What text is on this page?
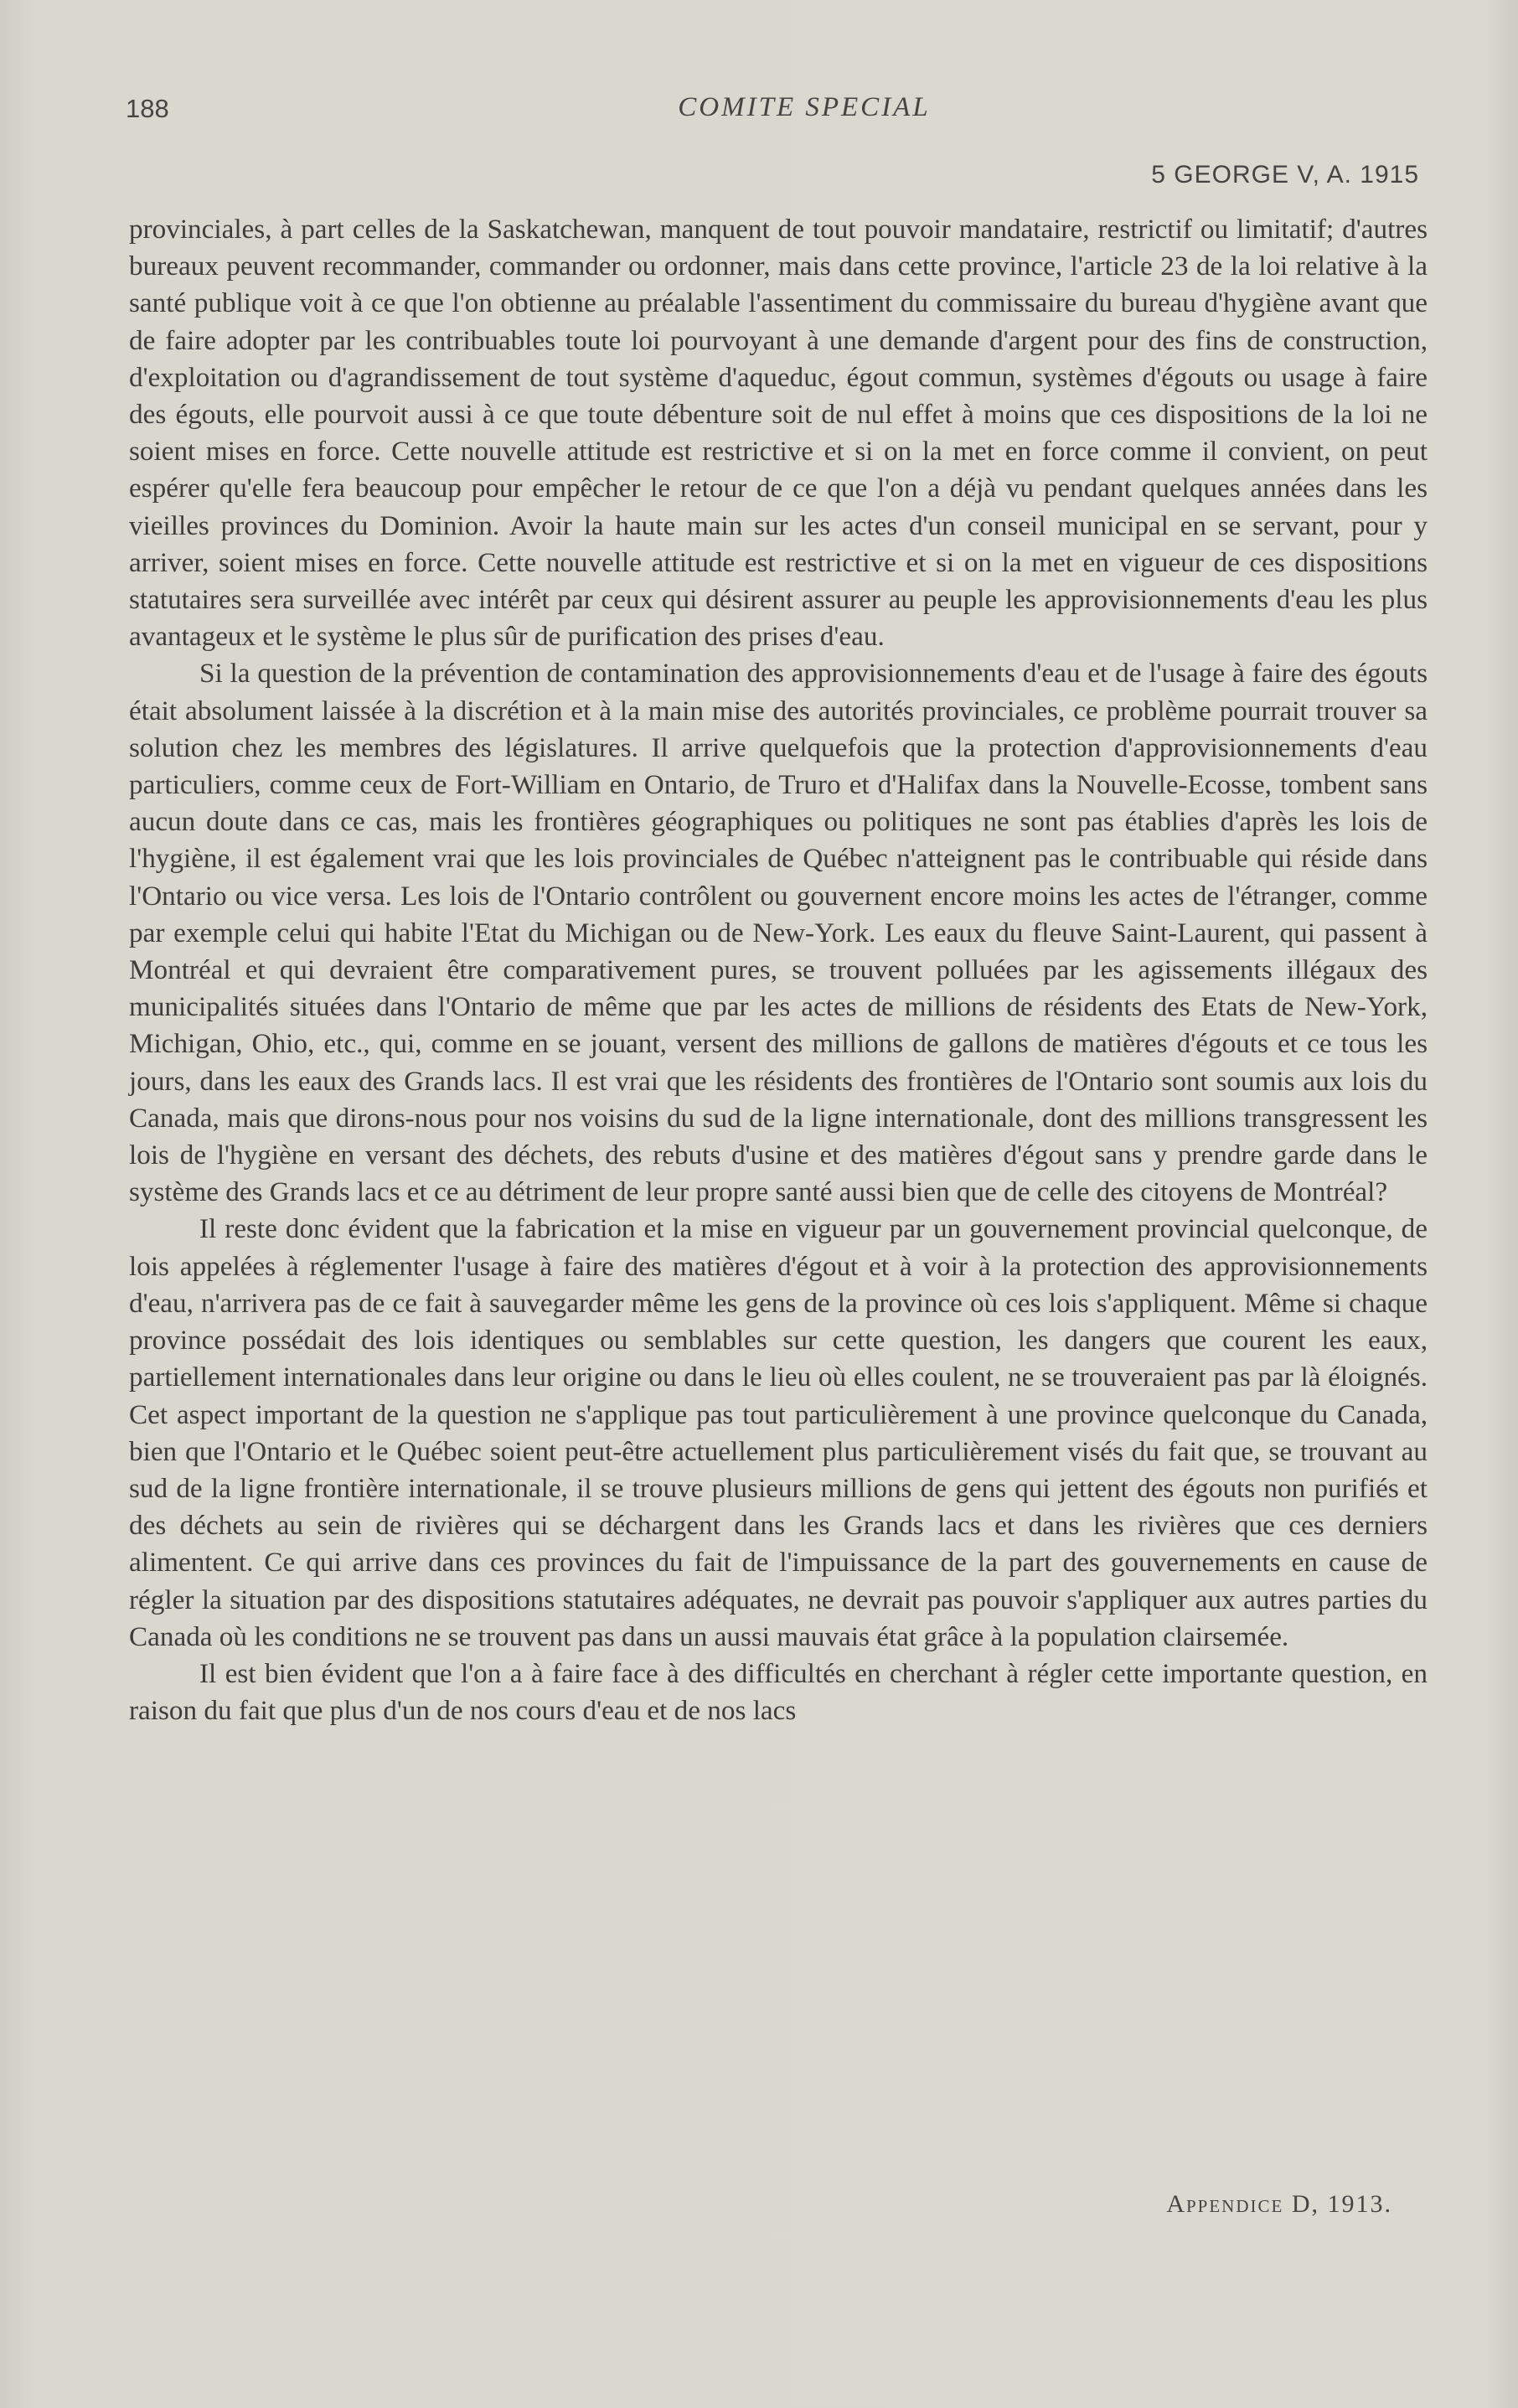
188	COMITE SPECIAL
5 GEORGE V, A. 1915

provinciales, à part celles de la Saskatchewan, manquent de tout pouvoir mandataire, restrictif ou limitatif; d'autres bureaux peuvent recommander, commander ou ordonner, mais dans cette province, l'article 23 de la loi relative à la santé publique voit à ce que l'on obtienne au préalable l'assentiment du commissaire du bureau d'hygiène avant que de faire adopter par les contribuables toute loi pourvoyant à une demande d'argent pour des fins de construction, d'exploitation ou d'agrandissement de tout système d'aqueduc, égout commun, systèmes d'égouts ou usage à faire des égouts, elle pourvoit aussi à ce que toute débenture soit de nul effet à moins que ces dispositions de la loi ne soient mises en force. Cette nouvelle attitude est restrictive et si on la met en force comme il convient, on peut espérer qu'elle fera beaucoup pour empêcher le retour de ce que l'on a déjà vu pendant quelques années dans les vieilles provinces du Dominion. Avoir la haute main sur les actes d'un conseil municipal en se servant, pour y arriver, soient mises en force. Cette nouvelle attitude est restrictive et si on la met en vigueur de ces dispositions statutaires sera surveillée avec intérêt par ceux qui désirent assurer au peuple les approvisionnements d'eau les plus avantageux et le système le plus sûr de purification des prises d'eau.

Si la question de la prévention de contamination des approvisionnements d'eau et de l'usage à faire des égouts était absolument laissée à la discrétion et à la main mise des autorités provinciales, ce problème pourrait trouver sa solution chez les membres des législatures. Il arrive quelquefois que la protection d'approvisionnements d'eau particuliers, comme ceux de Fort-William en Ontario, de Truro et d'Halifax dans la Nouvelle-Ecosse, tombent sans aucun doute dans ce cas, mais les frontières géographiques ou politiques ne sont pas établies d'après les lois de l'hygiène, il est également vrai que les lois provinciales de Québec n'atteignent pas le contribuable qui réside dans l'Ontario ou vice versa. Les lois de l'Ontario contrôlent ou gouvernent encore moins les actes de l'étranger, comme par exemple celui qui habite l'Etat du Michigan ou de New-York. Les eaux du fleuve Saint-Laurent, qui passent à Montréal et qui devraient être comparativement pures, se trouvent polluées par les agissements illégaux des municipalités situées dans l'Ontario de même que par les actes de millions de résidents des Etats de New-York, Michigan, Ohio, etc., qui, comme en se jouant, versent des millions de gallons de matières d'égouts et ce tous les jours, dans les eaux des Grands lacs. Il est vrai que les résidents des frontières de l'Ontario sont soumis aux lois du Canada, mais que dirons-nous pour nos voisins du sud de la ligne internationale, dont des millions transgressent les lois de l'hygiène en versant des déchets, des rebuts d'usine et des matières d'égout sans y prendre garde dans le système des Grands lacs et ce au détriment de leur propre santé aussi bien que de celle des citoyens de Montréal?

Il reste donc évident que la fabrication et la mise en vigueur par un gouvernement provincial quelconque, de lois appelées à réglementer l'usage à faire des matières d'égout et à voir à la protection des approvisionnements d'eau, n'arrivera pas de ce fait à sauvegarder même les gens de la province où ces lois s'appliquent. Même si chaque province possédait des lois identiques ou semblables sur cette question, les dangers que courent les eaux, partiellement internationales dans leur origine ou dans le lieu où elles coulent, ne se trouveraient pas par là éloignés. Cet aspect important de la question ne s'applique pas tout particulièrement à une province quelconque du Canada, bien que l'Ontario et le Québec soient peut-être actuellement plus particulièrement visés du fait que, se trouvant au sud de la ligne frontière internationale, il se trouve plusieurs millions de gens qui jettent des égouts non purifiés et des déchets au sein de rivières qui se déchargent dans les Grands lacs et dans les rivières que ces derniers alimentent. Ce qui arrive dans ces provinces du fait de l'impuissance de la part des gouvernements en cause de régler la situation par des dispositions statutaires adéquates, ne devrait pas pouvoir s'appliquer aux autres parties du Canada où les conditions ne se trouvent pas dans un aussi mauvais état grâce à la population clairsemée.

Il est bien évident que l'on a à faire face à des difficultés en cherchant à régler cette importante question, en raison du fait que plus d'un de nos cours d'eau et de nos lacs

Appendice D, 1913.
